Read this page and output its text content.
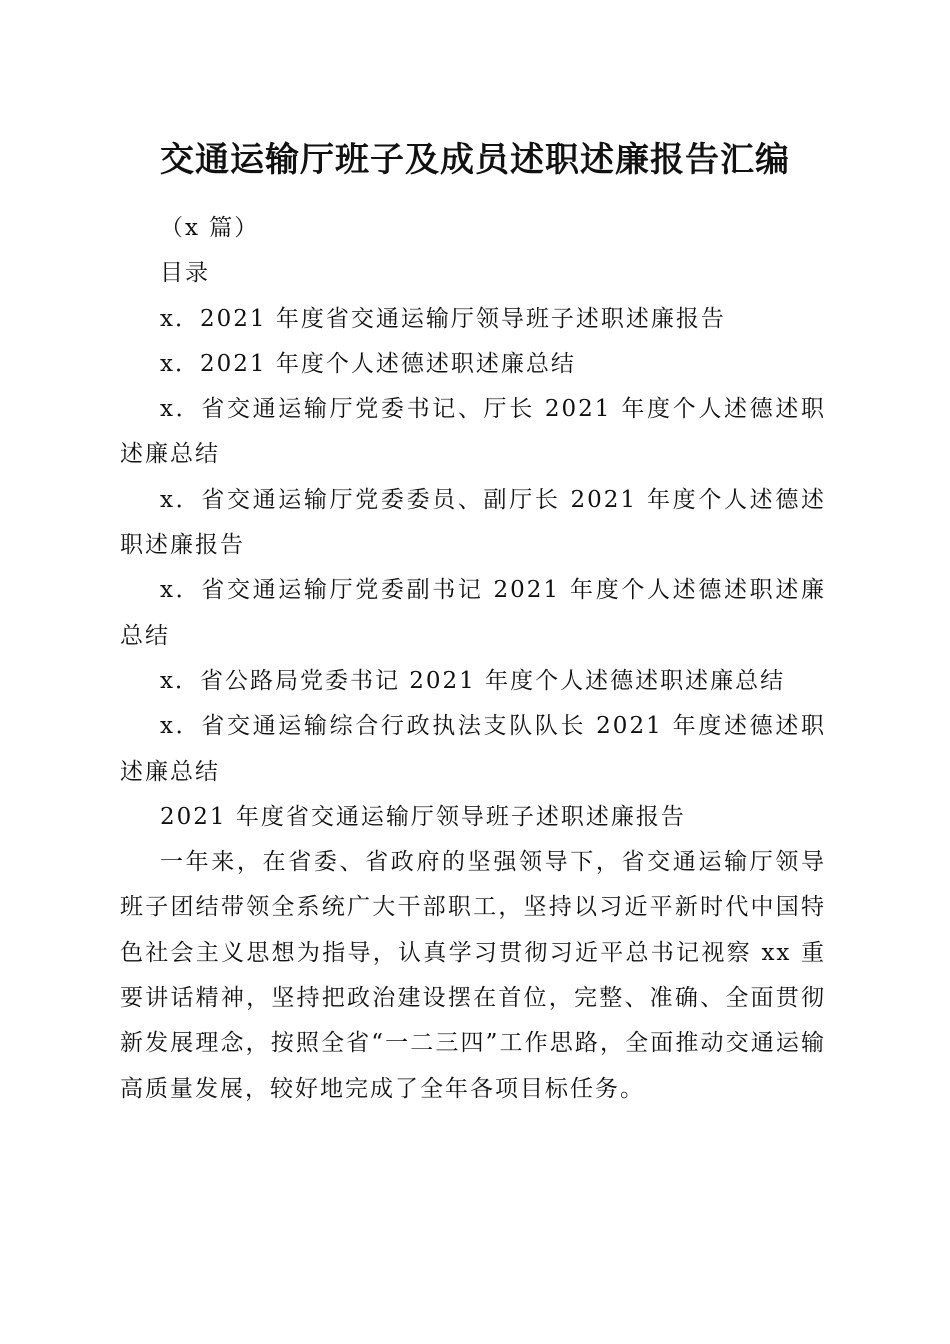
交通运输厅班子及成员述职述廉报告汇编

（x 篇）

目录

x．2021 年度省交通运输厅领导班子述职述廉报告

x．2021 年度个人述德述职述廉总结

x．省交通运输厅党委书记、厅长 2021 年度个人述德述职述廉总结

x．省交通运输厅党委委员、副厅长 2021 年度个人述德述职述廉报告

x．省交通运输厅党委副书记 2021 年度个人述德述职述廉总结

x．省公路局党委书记 2021 年度个人述德述职述廉总结

x．省交通运输综合行政执法支队队长 2021 年度述德述职述廉总结

2021 年度省交通运输厅领导班子述职述廉报告

一年来，在省委、省政府的坚强领导下，省交通运输厅领导班子团结带领全系统广大干部职工，坚持以习近平新时代中国特色社会主义思想为指导，认真学习贯彻习近平总书记视察 xx 重要讲话精神，坚持把政治建设摆在首位，完整、准确、全面贯彻新发展理念，按照全省“一二三四”工作思路，全面推动交通运输高质量发展，较好地完成了全年各项目标任务。
